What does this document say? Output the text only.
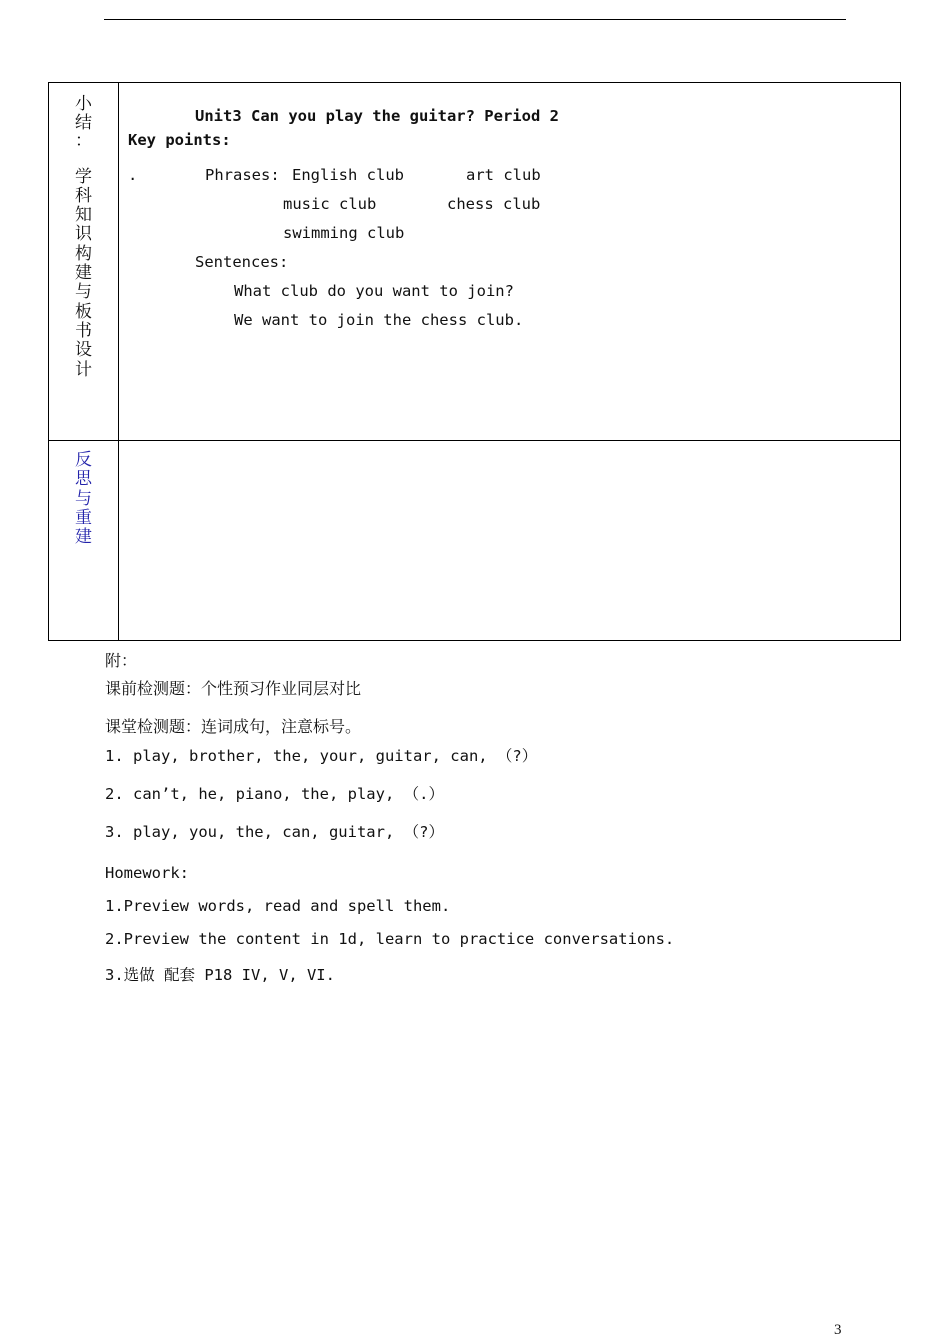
小
结
：
学
科
知
识
构
建
与
板
书
设
计
Unit3 Can you play the guitar? Period 2
Key points:
.	Phrases: English club	art club
music club	chess club
swimming club
Sentences:
What club do you want to join?
We want to join the chess club.
反
思
与
重
建
附：
课前检测题：个性预习作业同层对比
课堂检测题：连词成句，注意标号。
1. play, brother, the, your, guitar, can, （?）
2. can’t, he, piano, the, play, （.）
3. play, you, the, can, guitar, （?）
Homework:
1.Preview words, read and spell them.
2.Preview the content in 1d, learn to practice conversations.
3.选做 配套 P18 IV, V, VI.
3
